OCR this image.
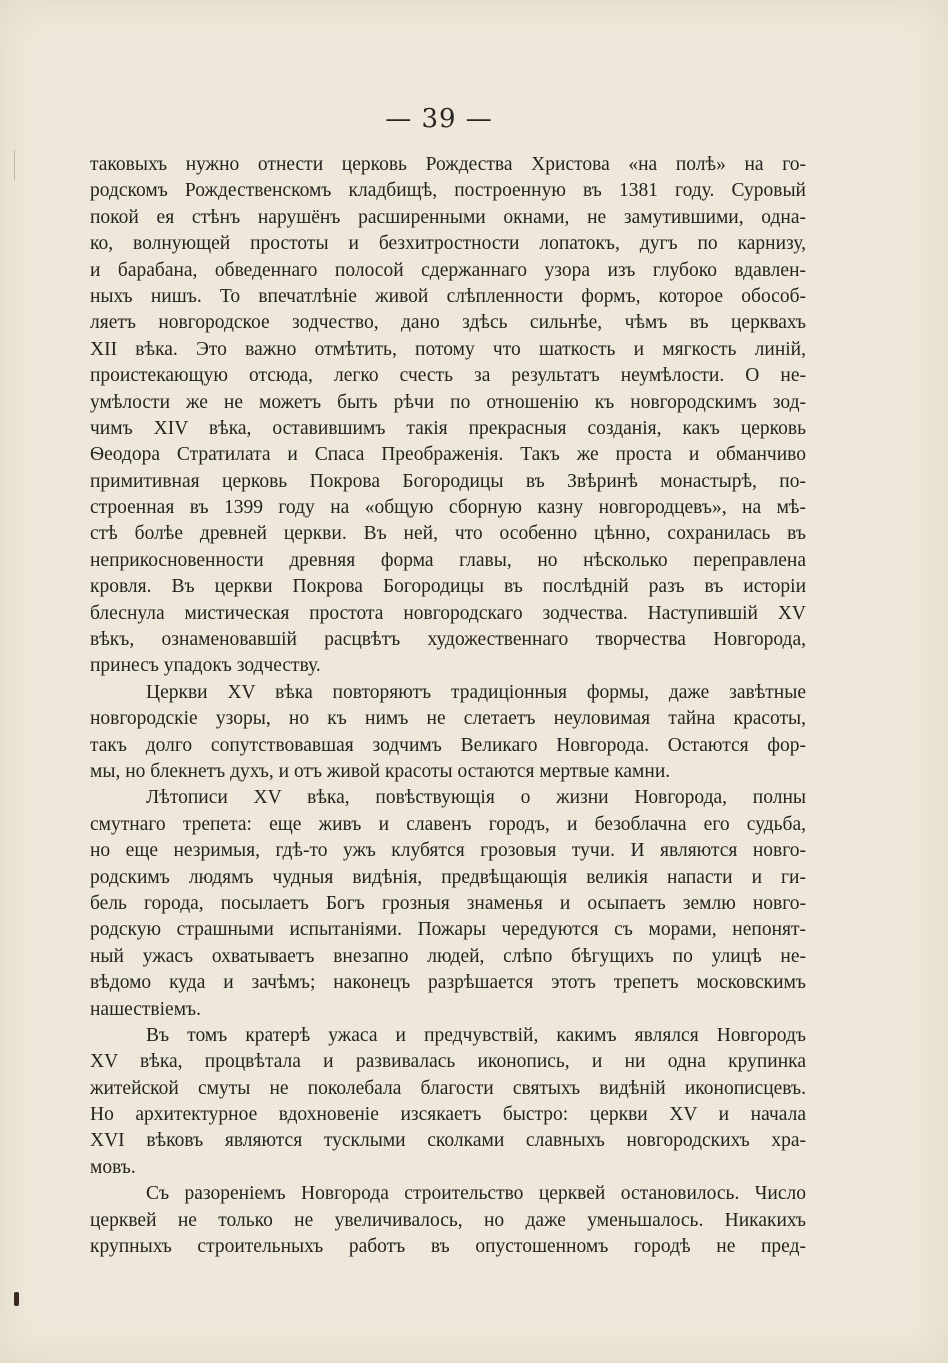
— 39 —
таковыхъ нужно отнести церковь Рождества Христова «на полѣ» на го-
родскомъ Рождественскомъ кладбищѣ, построенную въ 1381 году. Суровый
покой ея стѣнъ нарушёнъ расширенными окнами, не замутившими, одна-
ко, волнующей простоты и безхитростности лопатокъ, дугъ по карнизу,
и барабана, обведеннаго полосой сдержаннаго узора изъ глубоко вдавлен-
ныхъ нишъ. То впечатлѣніе живой слѣпленности формъ, которое обособ-
ляетъ новгородское зодчество, дано здѣсь сильнѣе, чѣмъ въ церквахъ
XII вѣка. Это важно отмѣтить, потому что шаткость и мягкость линій,
проистекающую отсюда, легко счесть за результатъ неумѣлости. О не-
умѣлости же не можетъ быть рѣчи по отношенію къ новгородскимъ зод-
чимъ XIV вѣка, оставившимъ такія прекрасныя созданія, какъ церковь
Ѳеодора Стратилата и Спаса Преображенія. Такъ же проста и обманчиво
примитивная церковь Покрова Богородицы въ Звѣринѣ монастырѣ, по-
строенная въ 1399 году на «общую сборную казну новгородцевъ», на мѣ-
стѣ болѣе древней церкви. Въ ней, что особенно цѣнно, сохранилась въ
неприкосновенности древняя форма главы, но нѣсколько переправлена
кровля. Въ церкви Покрова Богородицы въ послѣдній разъ въ исторіи
блеснула мистическая простота новгородскаго зодчества. Наступившій XV
вѣкъ, ознаменовавшій расцвѣтъ художественнаго творчества Новгорода,
принесъ упадокъ зодчеству.
Церкви XV вѣка повторяютъ традиціонныя формы, даже завѣтные
новгородскіе узоры, но къ нимъ не слетаетъ неуловимая тайна красоты,
такъ долго сопутствовавшая зодчимъ Великаго Новгорода. Остаются фор-
мы, но блекнетъ духъ, и отъ живой красоты остаются мертвые камни.
Лѣтописи XV вѣка, повѣствующія о жизни Новгорода, полны
смутнаго трепета: еще живъ и славенъ городъ, и безоблачна его судьба,
но еще незримыя, гдѣ-то ужъ клубятся грозовыя тучи. И являются новго-
родскимъ людямъ чудныя видѣнія, предвѣщающія великія напасти и ги-
бель города, посылаетъ Богъ грозныя знаменья и осыпаетъ землю новго-
родскую страшными испытаніями. Пожары чередуются съ морами, непонят-
ный ужасъ охватываетъ внезапно людей, слѣпо бѣгущихъ по улицѣ не-
вѣдомо куда и зачѣмъ; наконецъ разрѣшается этотъ трепетъ московскимъ
нашествіемъ.
Въ томъ кратерѣ ужаса и предчувствій, какимъ являлся Новгородъ
XV вѣка, процвѣтала и развивалась иконопись, и ни одна крупинка
житейской смуты не поколебала благости святыхъ видѣній иконописцевъ.
Но архитектурное вдохновеніе изсякаетъ быстро: церкви XV и начала
XVI вѣковъ являются тусклыми сколками славныхъ новгородскихъ хра-
мовъ.
Съ разореніемъ Новгорода строительство церквей остановилось. Число
церквей не только не увеличивалось, но даже уменьшалось. Никакихъ
крупныхъ строительныхъ работъ въ опустошенномъ городѣ не пред-
